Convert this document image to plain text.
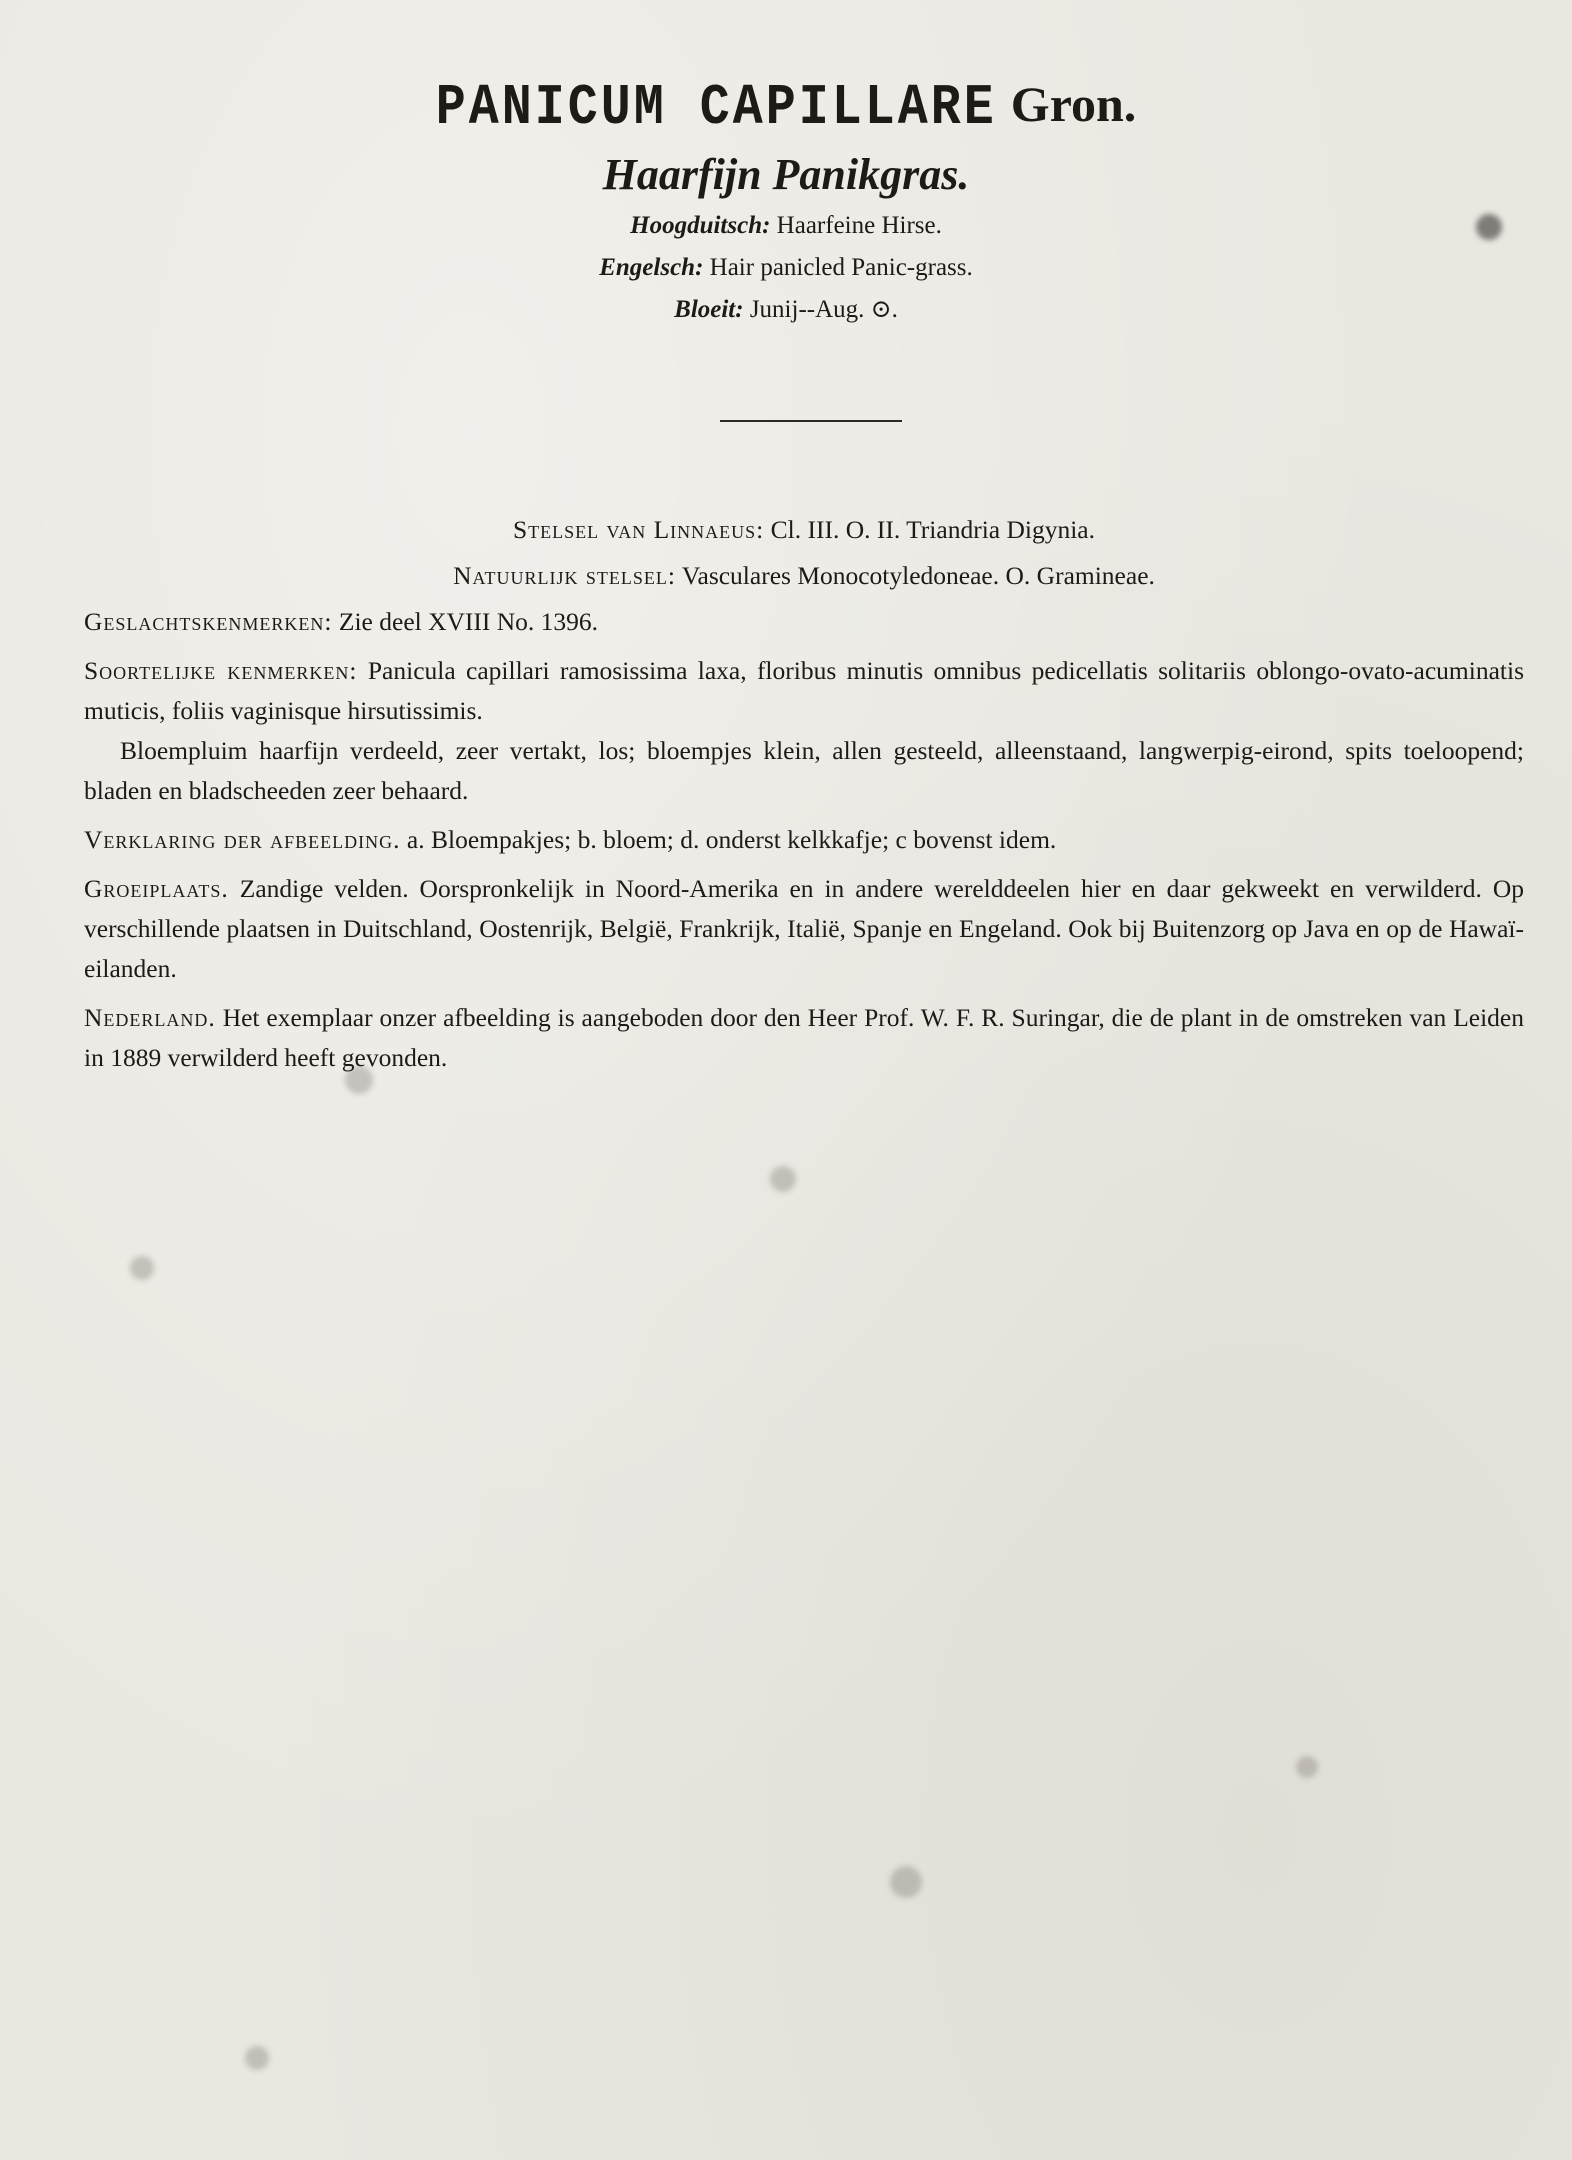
PANICUM CAPILLARE Gron.
Haarfijn Panikgras.
Hoogduitsch: Haarfeine Hirse.
Engelsch: Hair panicled Panic-grass.
Bloeit: Junij--Aug. ⊙.

Stelsel van Linnaeus: Cl. III. O. II. Triandria Digynia.

Natuurlijk stelsel: Vasculares Monocotyledoneae. O. Gramineae.

Geslachtskenmerken: Zie deel XVIII No. 1396.

Soortelijke kenmerken: Panicula capillari ramosissima laxa, floribus minutis omnibus pedicellatis solitariis oblongo-ovato-acuminatis muticis, foliis vaginisque hirsutissimis.

Bloempluim haarfijn verdeeld, zeer vertakt, los; bloempjes klein, allen gesteeld, alleenstaand, langwerpig-eirond, spits toeloopend; bladen en bladscheeden zeer behaard.

Verklaring der afbeelding. a. Bloempakjes; b. bloem; d. onderst kelkkafje; c bovenst idem.

Groeiplaats. Zandige velden. Oorspronkelijk in Noord-Amerika en in andere werelddeelen hier en daar gekweekt en verwilderd. Op verschillende plaatsen in Duitschland, Oostenrijk, België, Frankrijk, Italië, Spanje en Engeland. Ook bij Buitenzorg op Java en op de Hawaï-eilanden.

Nederland. Het exemplaar onzer afbeelding is aangeboden door den Heer Prof. W. F. R. Suringar, die de plant in de omstreken van Leiden in 1889 verwilderd heeft gevonden.
